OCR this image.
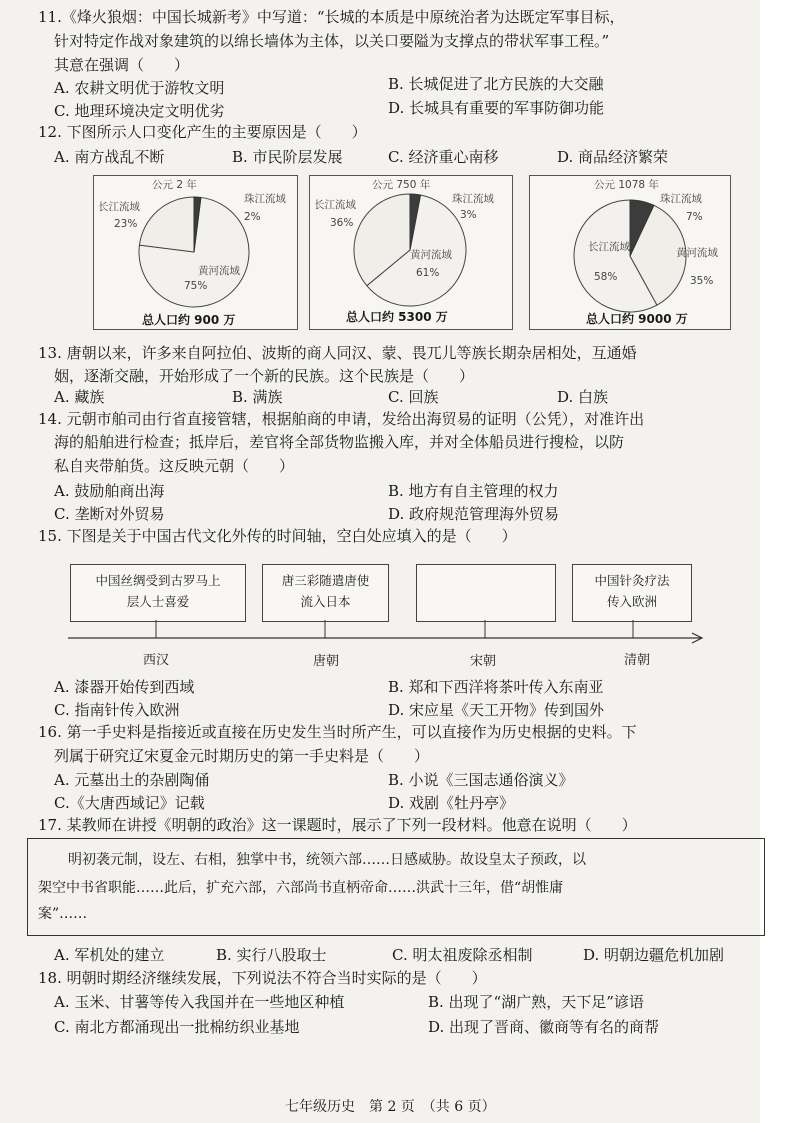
11.《烽火狼烟：中国长城新考》中写道：“长城的本质是中原统治者为达既定军事目标，
针对特定作战对象建筑的以绵长墙体为主体，以关口要隘为支撑点的带状军事工程。”
其意在强调（　　）
A. 农耕文明优于游牧文明	B. 长城促进了北方民族的大交融
C. 地理环境决定文明优劣	D. 长城具有重要的军事防御功能
12. 下图所示人口变化产生的主要原因是（　　）
A. 南方战乱不断	B. 市民阶层发展	C. 经济重心南移	D. 商品经济繁荣
公元 2 年
长江流域
23%
珠江流域
2%
黄河流域
75%
总人口约 900 万
公元 750 年
长江流域
36%
珠江流域
3%
黄河流域
61%
总人口约 5300 万
公元 1078 年
长江流域
58%
珠江流域
7%
黄河流域
35%
总人口约 9000 万
13. 唐朝以来，许多来自阿拉伯、波斯的商人同汉、蒙、畏兀儿等族长期杂居相处，互通婚
姻，逐渐交融，开始形成了一个新的民族。这个民族是（　　）
A. 藏族	B. 满族	C. 回族	D. 白族
14. 元朝市舶司由行省直接管辖，根据舶商的申请，发给出海贸易的证明（公凭），对准许出
海的船舶进行检查；抵岸后，差官将全部货物监搬入库，并对全体船员进行搜检，以防
私自夹带舶货。这反映元朝（　　）
A. 鼓励舶商出海	B. 地方有自主管理的权力
C. 垄断对外贸易	D. 政府规范管理海外贸易
15. 下图是关于中国古代文化外传的时间轴，空白处应填入的是（　　）
中国丝绸受到古罗马上
层人士喜爱
唐三彩随遣唐使
流入日本
中国针灸疗法
传入欧洲
西汉	唐朝	宋朝	清朝
A. 漆器开始传到西域	B. 郑和下西洋将茶叶传入东南亚
C. 指南针传入欧洲	D. 宋应星《天工开物》传到国外
16. 第一手史料是指接近或直接在历史发生当时所产生，可以直接作为历史根据的史料。下
列属于研究辽宋夏金元时期历史的第一手史料是（　　）
A. 元墓出土的杂剧陶俑	B. 小说《三国志通俗演义》
C.《大唐西域记》记载	D. 戏剧《牡丹亭》
17. 某教师在讲授《明朝的政治》这一课题时，展示了下列一段材料。他意在说明（　　）

明初袭元制，设左、右相，独掌中书，统领六部……日感威胁。故设皇太子预政，以

架空中书省职能……此后，扩充六部，六部尚书直柄帝命……洪武十三年，借“胡惟庸

案”……

A. 军机处的建立	B. 实行八股取士	C. 明太祖废除丞相制	D. 明朝边疆危机加剧
18. 明朝时期经济继续发展，下列说法不符合当时实际的是（　　）
A. 玉米、甘薯等传入我国并在一些地区种植	B. 出现了“湖广熟，天下足”谚语
C. 南北方都涌现出一批棉纺织业基地	D. 出现了晋商、徽商等有名的商帮
七年级历史　第 2 页　（共 6 页）
